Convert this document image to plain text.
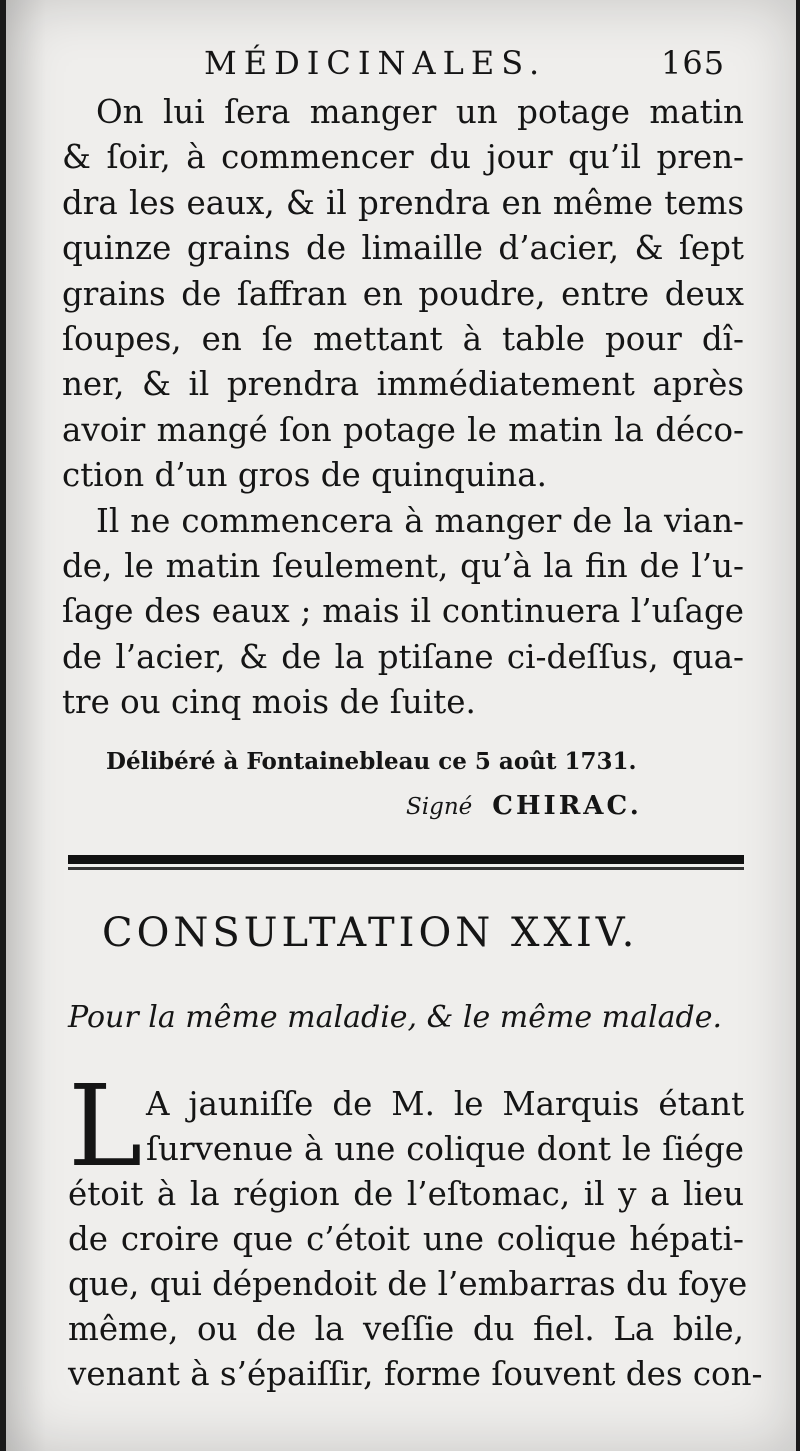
MÉDICINALES.	165
On lui ſera manger un potage matin
& ſoir, à commencer du jour qu’il pren-
dra les eaux, & il prendra en même tems
quinze grains de limaille d’acier, & ſept
grains de ſaffran en poudre, entre deux
ſoupes, en ſe mettant à table pour dî-
ner, & il prendra immédiatement après
avoir mangé ſon potage le matin la déco-
ction d’un gros de quinquina.
Il ne commencera à manger de la vian-
de, le matin ſeulement, qu’à la fin de l’u-
ſage des eaux ; mais il continuera l’uſage
de l’acier, & de la ptiſane ci-deſſus, qua-
tre ou cinq mois de ſuite.
Délibéré à Fontainebleau ce 5 août 1731.
Signé CHIRAC.
CONSULTATION XXIV.
Pour la même maladie, & le même malade.
L A jauniſſe de M. le Marquis étant
ſurvenue à une colique dont le ſiége
étoit à la région de l’eſtomac, il y a lieu
de croire que c’étoit une colique hépati-
que, qui dépendoit de l’embarras du foye
même, ou de la veſſie du fiel. La bile,
venant à s’épaiſſir, forme ſouvent des con-
